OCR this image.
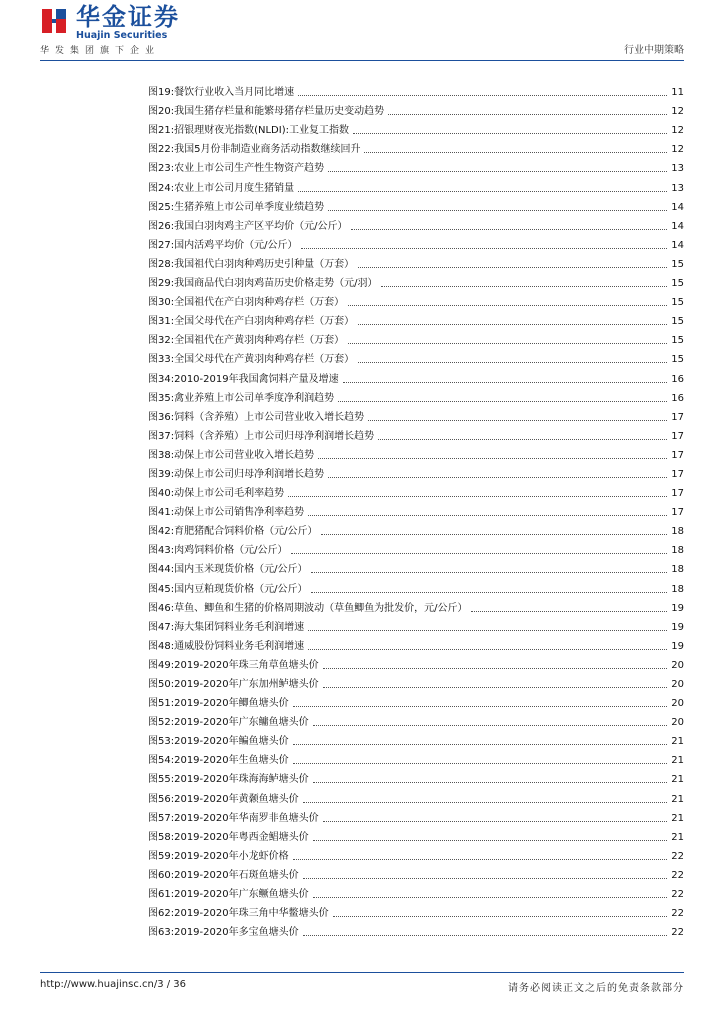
华金证券
Huajin Securities
华发集团旗下企业	行业中期策略
图19: 餐饮行业收入当月同比增速	11
图20: 我国生猪存栏量和能繁母猪存栏量历史变动趋势	12
图21: 招银理财夜光指数(NLDI):工业复工指数	12
图22: 我国5月份非制造业商务活动指数继续回升	12
图23: 农业上市公司生产性生物资产趋势	13
图24: 农业上市公司月度生猪销量	13
图25: 生猪养殖上市公司单季度业绩趋势	14
图26: 我国白羽肉鸡主产区平均价（元/公斤）	14
图27: 国内活鸡平均价（元/公斤）	14
图28: 我国祖代白羽肉种鸡历史引种量（万套）	15
图29: 我国商品代白羽肉鸡苗历史价格走势（元/羽）	15
图30: 全国祖代在产白羽肉种鸡存栏（万套）	15
图31: 全国父母代在产白羽肉种鸡存栏（万套）	15
图32: 全国祖代在产黄羽肉种鸡存栏（万套）	15
图33: 全国父母代在产黄羽肉种鸡存栏（万套）	15
图34: 2010-2019年我国禽饲料产量及增速	16
图35: 禽业养殖上市公司单季度净利润趋势	16
图36: 饲料（含养殖）上市公司营业收入增长趋势	17
图37: 饲料（含养殖）上市公司归母净利润增长趋势	17
图38: 动保上市公司营业收入增长趋势	17
图39: 动保上市公司归母净利润增长趋势	17
图40: 动保上市公司毛利率趋势	17
图41: 动保上市公司销售净利率趋势	17
图42: 育肥猪配合饲料价格（元/公斤）	18
图43: 肉鸡饲料价格（元/公斤）	18
图44: 国内玉米现货价格（元/公斤）	18
图45: 国内豆粕现货价格（元/公斤）	18
图46: 草鱼、鲫鱼和生猪的价格周期波动（草鱼鲫鱼为批发价，元/公斤）	19
图47: 海大集团饲料业务毛利润增速	19
图48: 通威股份饲料业务毛利润增速	19
图49: 2019-2020年珠三角草鱼塘头价	20
图50: 2019-2020年广东加州鲈塘头价	20
图51: 2019-2020年鲫鱼塘头价	20
图52: 2019-2020年广东鳙鱼塘头价	20
图53: 2019-2020年鳊鱼塘头价	21
图54: 2019-2020年生鱼塘头价	21
图55: 2019-2020年珠海海鲈塘头价	21
图56: 2019-2020年黄颡鱼塘头价	21
图57: 2019-2020年华南罗非鱼塘头价	21
图58: 2019-2020年粤西金鲳塘头价	21
图59: 2019-2020年小龙虾价格	22
图60: 2019-2020年石斑鱼塘头价	22
图61: 2019-2020年广东鳜鱼塘头价	22
图62: 2019-2020年珠三角中华鳖塘头价	22
图63: 2019-2020年多宝鱼塘头价	22
http://www.huajinsc.cn/3 / 36	请务必阅读正文之后的免责条款部分
